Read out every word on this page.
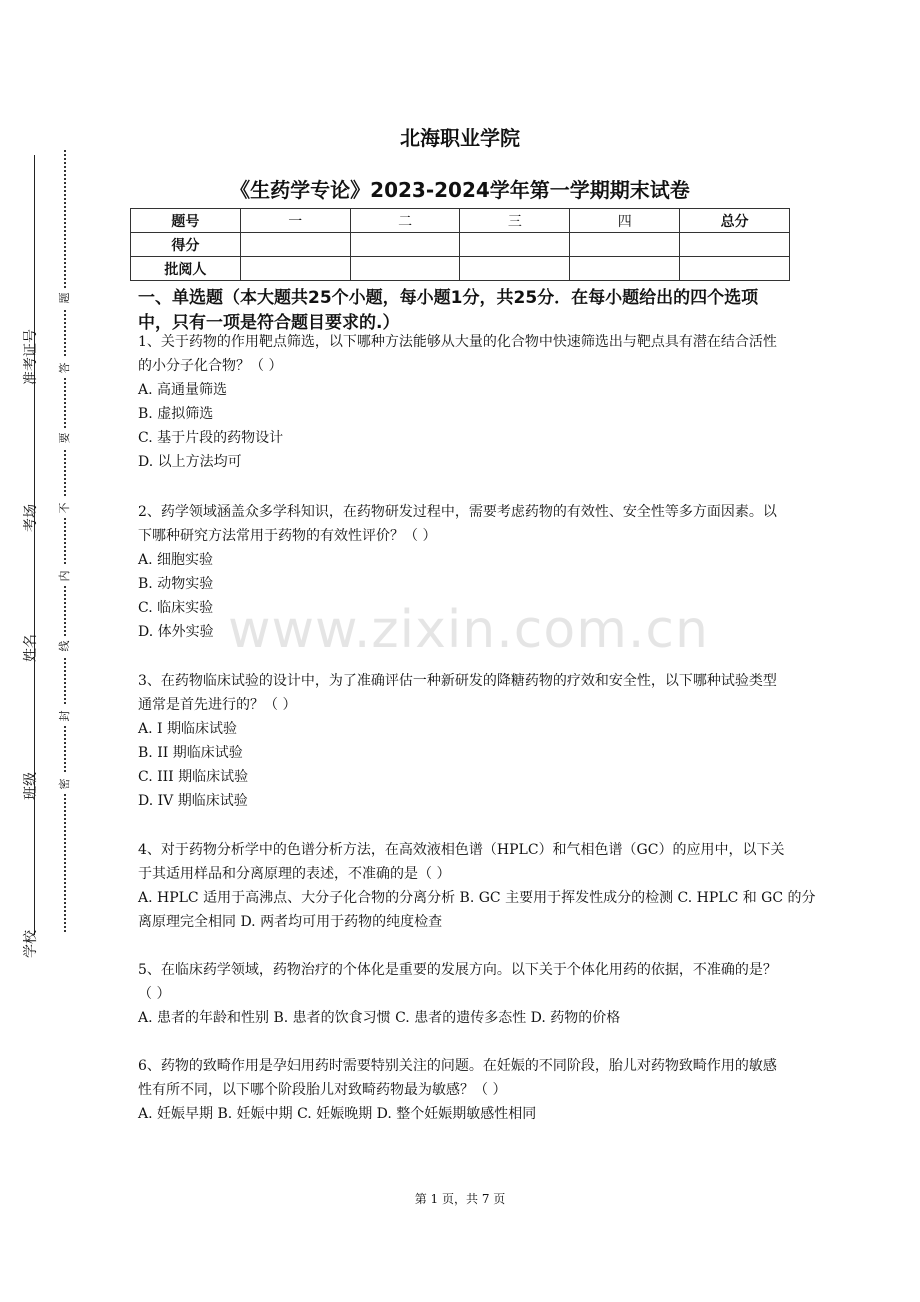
准考证号
考场
姓名
班级
学校
题
答
要
不
内
线
封
密
北海职业学院
《生药学专论》2023-2024学年第一学期期末试卷
题号	一	二	三	四	总分
得分					
批阅人					
一、单选题（本大题共25个小题，每小题1分，共25分．在每小题给出的四个选项中，只有一项是符合题目要求的.）
1、关于药物的作用靶点筛选，以下哪种方法能够从大量的化合物中快速筛选出与靶点具有潜在结合活性的小分子化合物？（ ）
A. 高通量筛选
B. 虚拟筛选
C. 基于片段的药物设计
D. 以上方法均可
2、药学领域涵盖众多学科知识，在药物研发过程中，需要考虑药物的有效性、安全性等多方面因素。以下哪种研究方法常用于药物的有效性评价？（ ）
A. 细胞实验
B. 动物实验
C. 临床实验
D. 体外实验
3、在药物临床试验的设计中，为了准确评估一种新研发的降糖药物的疗效和安全性，以下哪种试验类型通常是首先进行的？（ ）
A. I 期临床试验
B. II 期临床试验
C. III 期临床试验
D. IV 期临床试验
4、对于药物分析学中的色谱分析方法，在高效液相色谱（HPLC）和气相色谱（GC）的应用中，以下关于其适用样品和分离原理的表述，不准确的是（ ）
A. HPLC 适用于高沸点、大分子化合物的分离分析 B. GC 主要用于挥发性成分的检测 C. HPLC 和 GC 的分离原理完全相同 D. 两者均可用于药物的纯度检查
5、在临床药学领域，药物治疗的个体化是重要的发展方向。以下关于个体化用药的依据，不准确的是？（ ）
A. 患者的年龄和性别 B. 患者的饮食习惯 C. 患者的遗传多态性 D. 药物的价格
6、药物的致畸作用是孕妇用药时需要特别关注的问题。在妊娠的不同阶段，胎儿对药物致畸作用的敏感性有所不同，以下哪个阶段胎儿对致畸药物最为敏感？（ ）
A. 妊娠早期 B. 妊娠中期 C. 妊娠晚期 D. 整个妊娠期敏感性相同
www.zixin.com.cn
第 1 页，共 7 页
